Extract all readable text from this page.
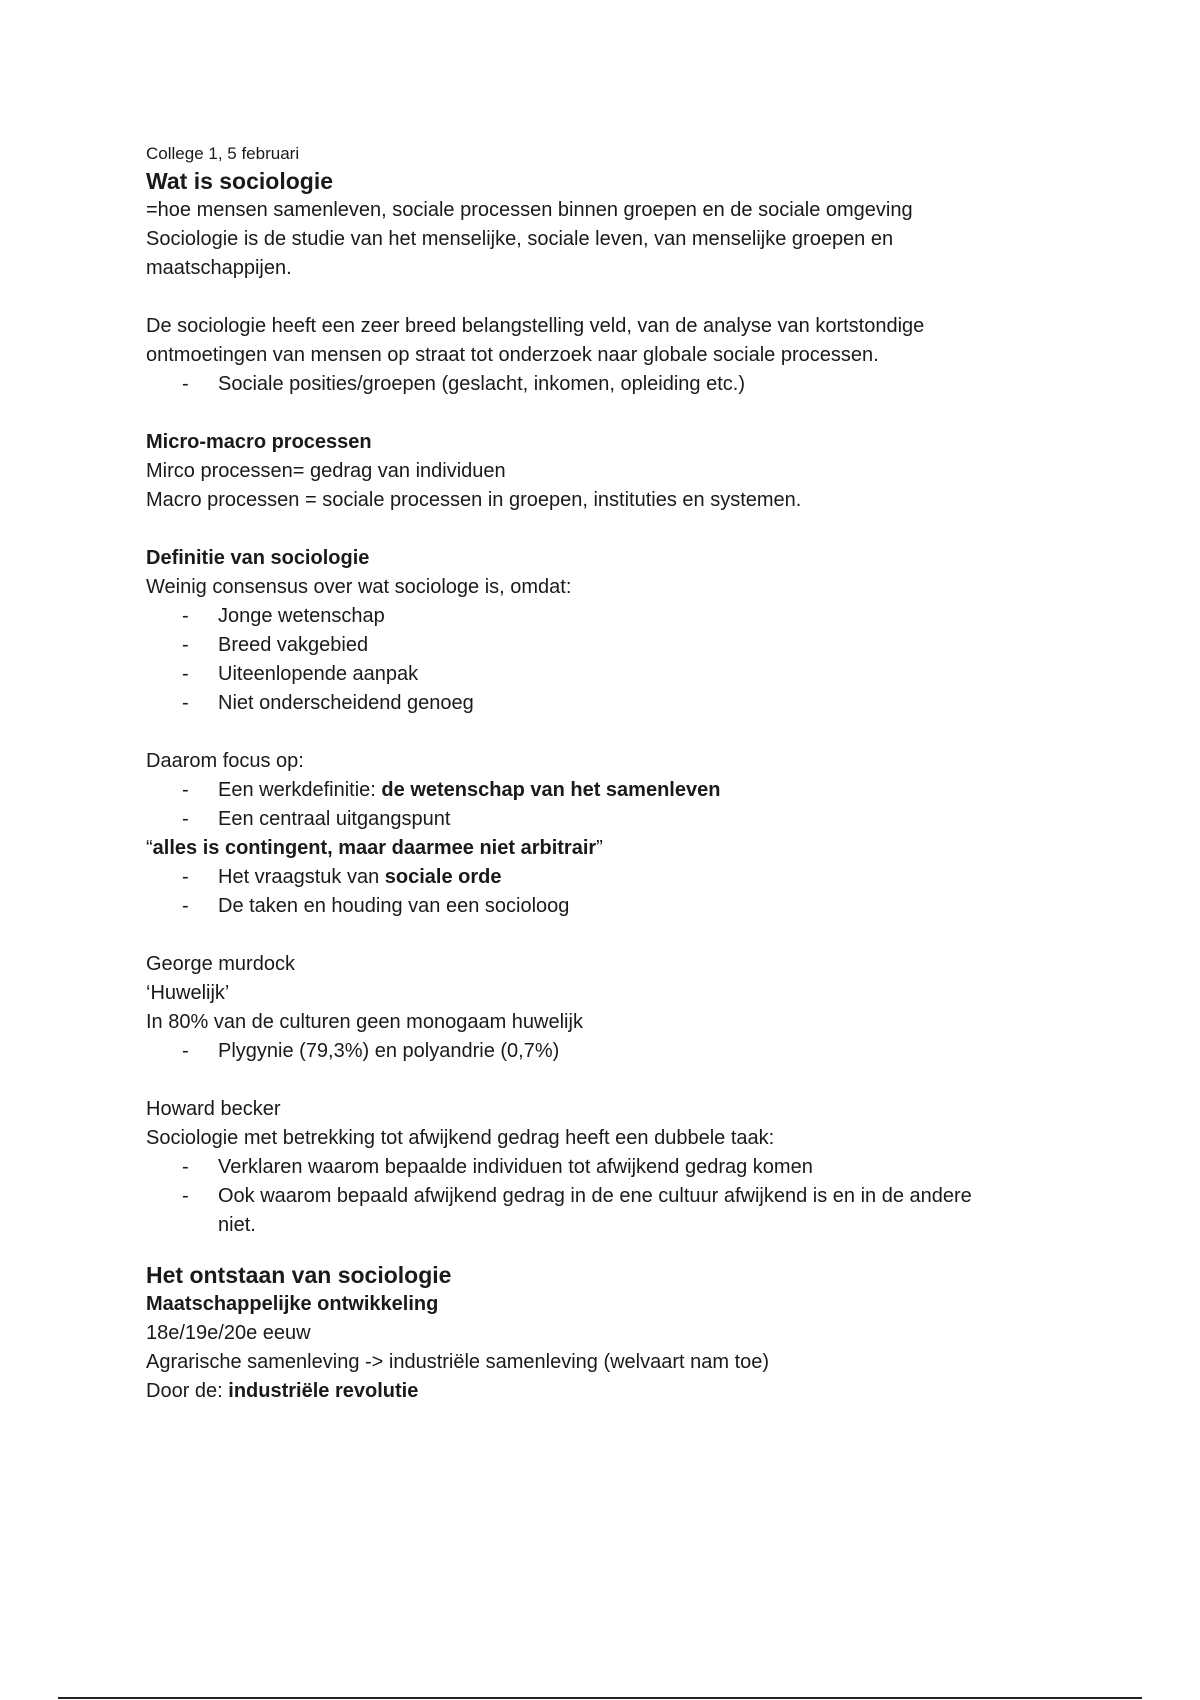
College 1, 5 februari

Wat is sociologie

=hoe mensen samenleven, sociale processen binnen groepen en de sociale omgeving

Sociologie is de studie van het menselijke, sociale leven, van menselijke groepen en

maatschappijen.

De sociologie heeft een zeer breed belangstelling veld, van de analyse van kortstondige

ontmoetingen van mensen op straat tot onderzoek naar globale sociale processen.

- Sociale posities/groepen (geslacht, inkomen, opleiding etc.)

Micro-macro processen

Mirco processen= gedrag van individuen

Macro processen = sociale processen in groepen, instituties en systemen.

Definitie van sociologie

Weinig consensus over wat sociologe is, omdat:

- Jonge wetenschap
- Breed vakgebied
- Uiteenlopende aanpak
- Niet onderscheidend genoeg

Daarom focus op:

- Een werkdefinitie: de wetenschap van het samenleven
- Een centraal uitgangspunt

“alles is contingent, maar daarmee niet arbitrair”

- Het vraagstuk van sociale orde
- De taken en houding van een socioloog

George murdock

‘Huwelijk’

In 80% van de culturen geen monogaam huwelijk

- Plygynie (79,3%) en polyandrie (0,7%)

Howard becker

Sociologie met betrekking tot afwijkend gedrag heeft een dubbele taak:

- Verklaren waarom bepaalde individuen tot afwijkend gedrag komen
- Ook waarom bepaald afwijkend gedrag in de ene cultuur afwijkend is en in de andere
niet.

Het ontstaan van sociologie

Maatschappelijke ontwikkeling

18e/19e/20e eeuw

Agrarische samenleving -> industriële samenleving (welvaart nam toe)

Door de: industriële revolutie
